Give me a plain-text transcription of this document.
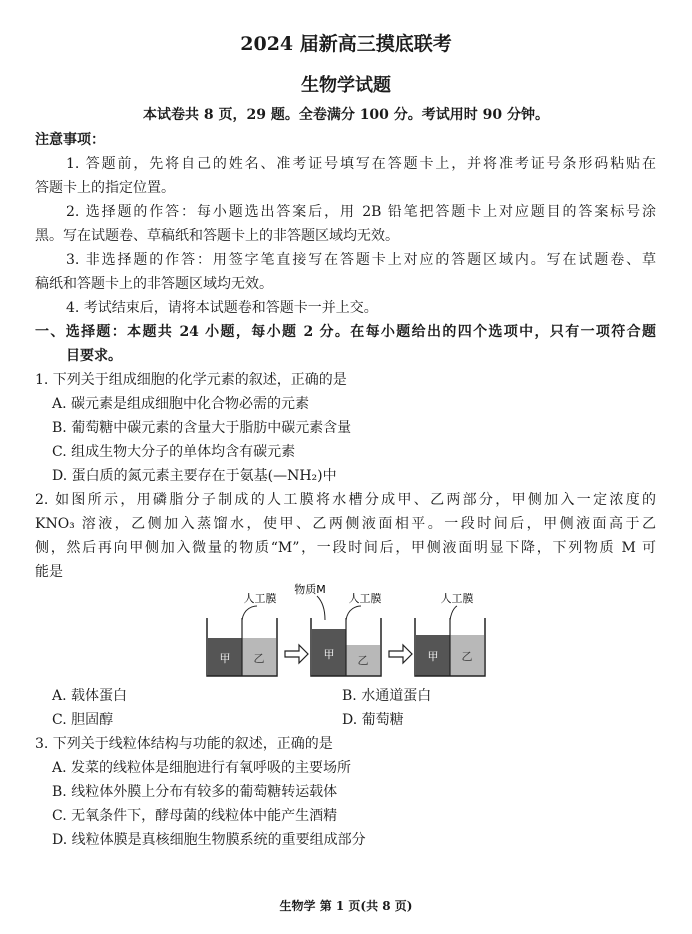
2024 届新高三摸底联考
生物学试题
本试卷共 8 页，29 题。全卷满分 100 分。考试用时 90 分钟。
注意事项：
1. 答题前，先将自己的姓名、准考证号填写在答题卡上，并将准考证号条形码粘贴在
答题卡上的指定位置。
2. 选择题的作答：每小题选出答案后，用 2B 铅笔把答题卡上对应题目的答案标号涂
黑。写在试题卷、草稿纸和答题卡上的非答题区域均无效。
3. 非选择题的作答：用签字笔直接写在答题卡上对应的答题区域内。写在试题卷、草
稿纸和答题卡上的非答题区域均无效。
4. 考试结束后，请将本试题卷和答题卡一并上交。
一、选择题：本题共 24 小题，每小题 2 分。在每小题给出的四个选项中，只有一项符合题
目要求。
1. 下列关于组成细胞的化学元素的叙述，正确的是
A. 碳元素是组成细胞中化合物必需的元素
B. 葡萄糖中碳元素的含量大于脂肪中碳元素含量
C. 组成生物大分子的单体均含有碳元素
D. 蛋白质的氮元素主要存在于氨基(—NH₂)中
2. 如图所示，用磷脂分子制成的人工膜将水槽分成甲、乙两部分，甲侧加入一定浓度的
KNO₃ 溶液，乙侧加入蒸馏水，使甲、乙两侧液面相平。一段时间后，甲侧液面高于乙
侧，然后再向甲侧加入微量的物质“M”，一段时间后，甲侧液面明显下降，下列物质 M 可
能是
人工膜
甲 乙
人工膜
物质M
甲 乙
人工膜
甲 乙
A. 载体蛋白	B. 水通道蛋白
C. 胆固醇	D. 葡萄糖
3. 下列关于线粒体结构与功能的叙述，正确的是
A. 发菜的线粒体是细胞进行有氧呼吸的主要场所
B. 线粒体外膜上分布有较多的葡萄糖转运载体
C. 无氧条件下，酵母菌的线粒体中能产生酒精
D. 线粒体膜是真核细胞生物膜系统的重要组成部分
生物学 第 1 页(共 8 页)
